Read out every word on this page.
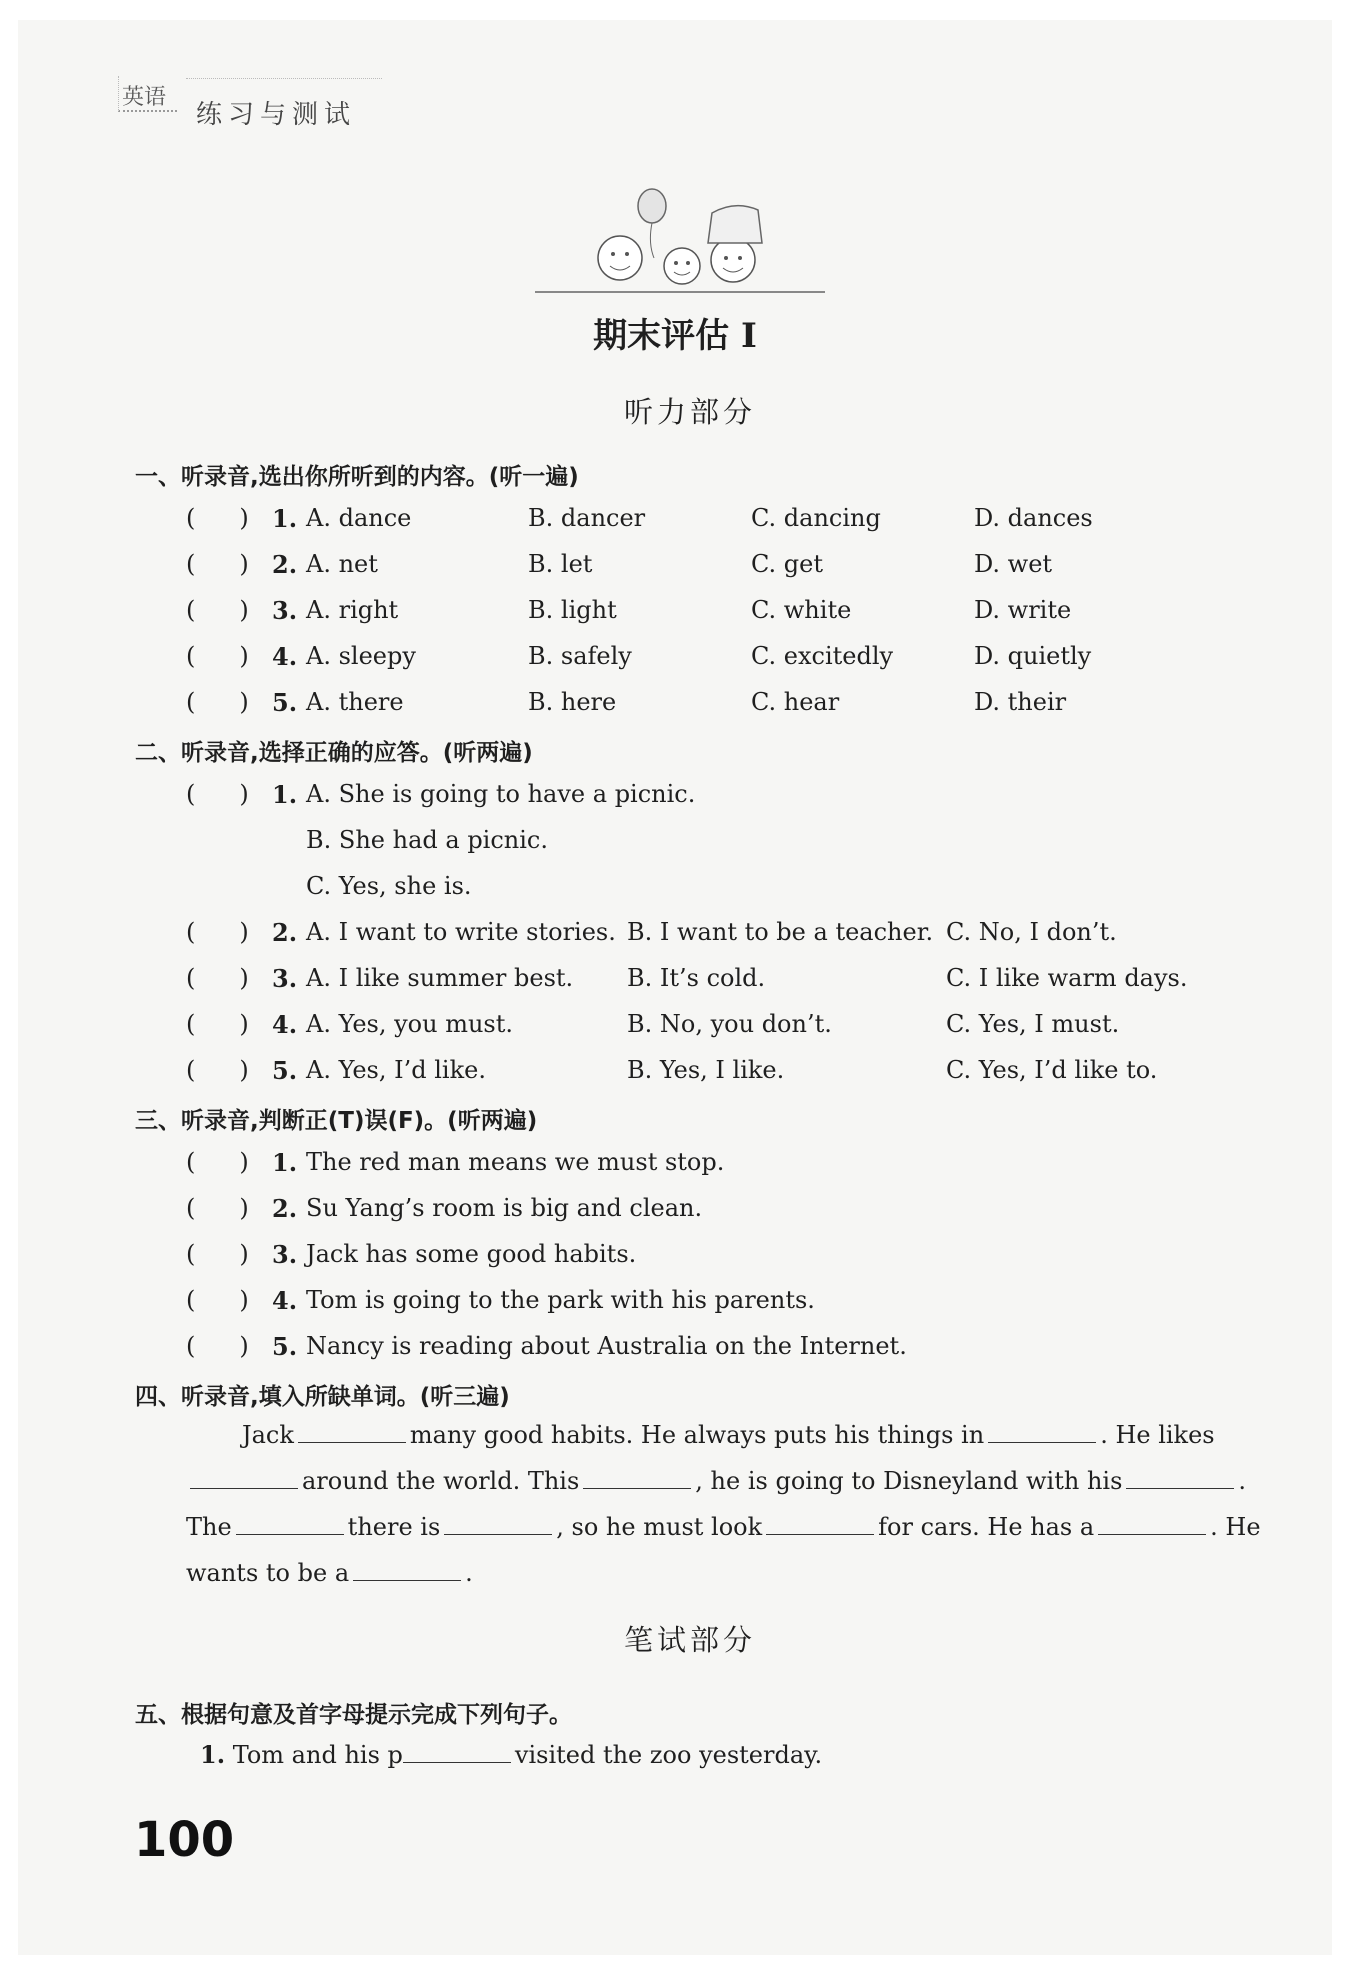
英语
练习与测试
期末评估 I
听力部分
一、听录音,选出你所听到的内容。(听一遍)
( ) 1. A. dance	B. dancer	C. dancing	D. dances
( ) 2. A. net	B. let	C. get	D. wet
( ) 3. A. right	B. light	C. white	D. write
( ) 4. A. sleepy	B. safely	C. excitedly	D. quietly
( ) 5. A. there	B. here	C. hear	D. their
二、听录音,选择正确的应答。(听两遍)
( ) 1. A. She is going to have a picnic.
B. She had a picnic.
C. Yes, she is.
( ) 2. A. I want to write stories. B. I want to be a teacher. C. No, I don’t.
( ) 3. A. I like summer best. B. It’s cold.	C. I like warm days.
( ) 4. A. Yes, you must.	B. No, you don’t.	C. Yes, I must.
( ) 5. A. Yes, I’d like.	B. Yes, I like.	C. Yes, I’d like to.
三、听录音,判断正(T)误(F)。(听两遍)
( ) 1. The red man means we must stop.
( ) 2. Su Yang’s room is big and clean.
( ) 3. Jack has some good habits.
( ) 4. Tom is going to the park with his parents.
( ) 5. Nancy is reading about Australia on the Internet.
四、听录音,填入所缺单词。(听三遍)
Jack	many good habits. He always puts his things in	. He likes
around the world. This	, he is going to Disneyland with his	.
The	there is	, so he must look	for cars. He has a	. He
wants to be a	.
笔试部分
五、根据句意及首字母提示完成下列句子。
1. Tom and his p	visited the zoo yesterday.
100
